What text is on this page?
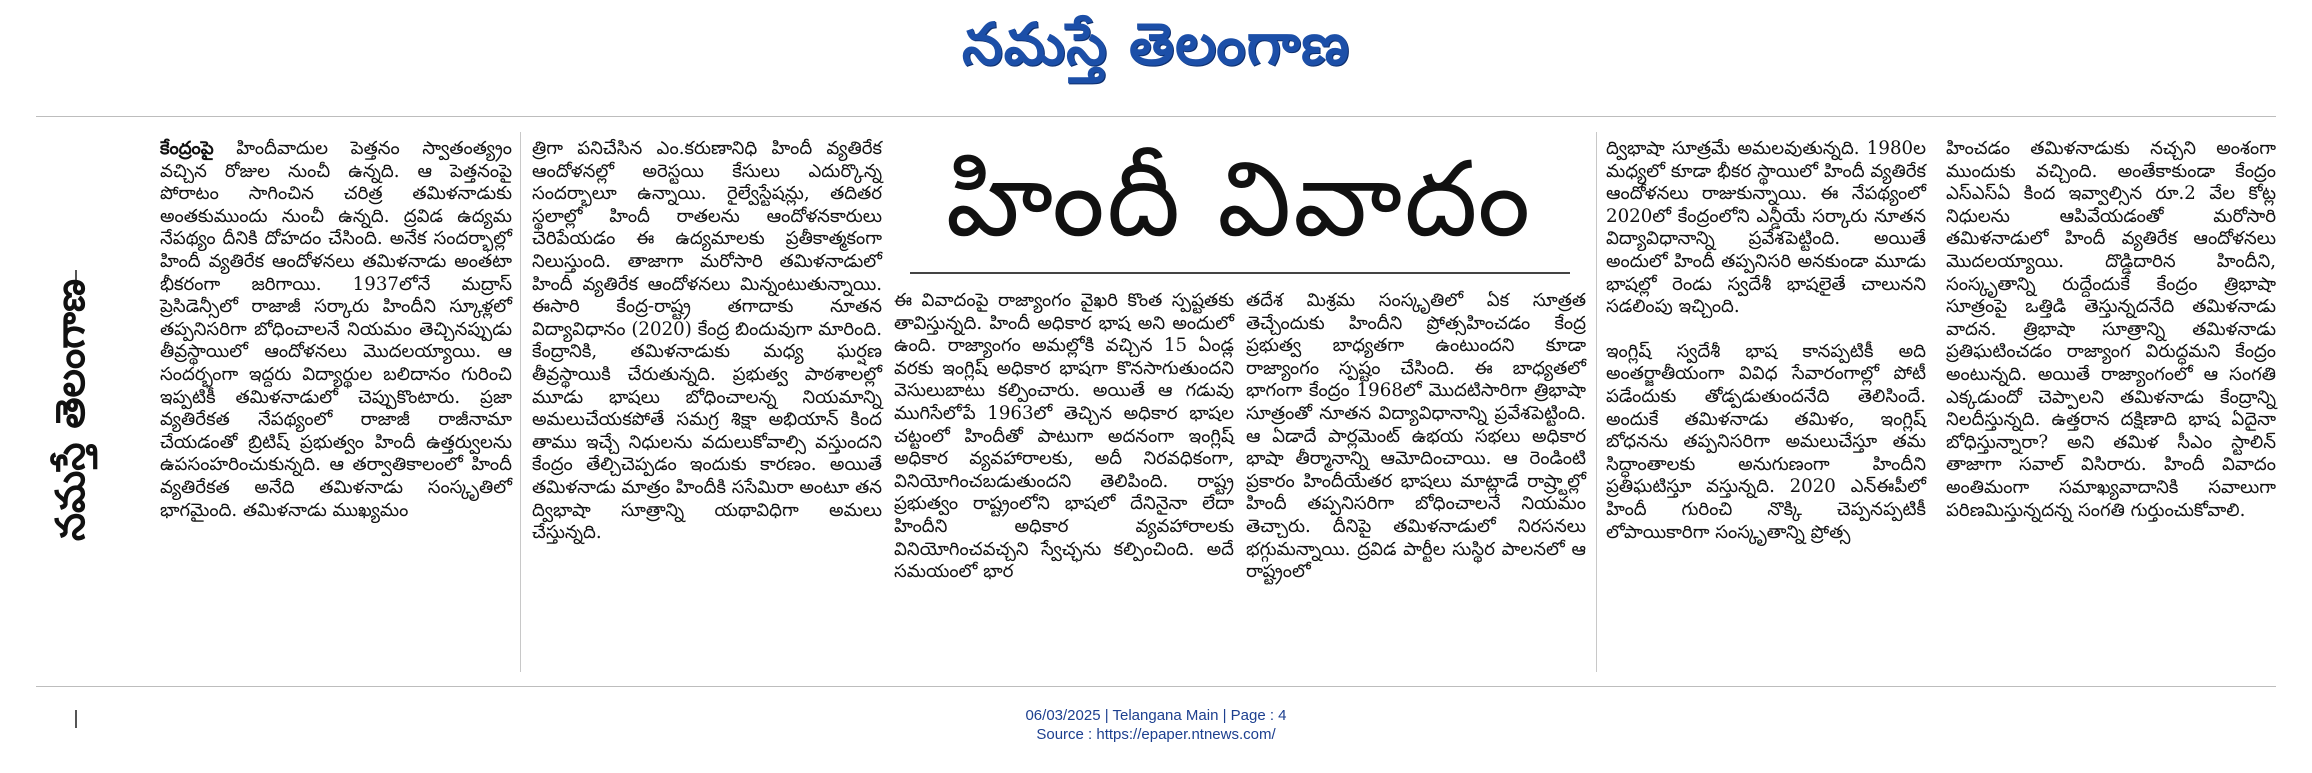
నమస్తే తెలంగాణ
నమస్తే తెలంగాణ

కేంద్రంపై హిందీవాదుల పెత్తనం స్వాతంత్య్రం వచ్చిన రోజుల నుంచీ ఉన్నది. ఆ పెత్తనంపై పోరాటం సాగించిన చరిత్ర తమిళనాడుకు అంతకుముందు నుంచీ ఉన్నది. ద్రవిడ ఉద్యమ నేపథ్యం దీనికి దోహదం చేసింది. అనేక సందర్భాల్లో హిందీ వ్యతిరేక ఆందోళనలు తమిళనాడు అంతటా భీకరంగా జరిగాయి. 1937లోనే మద్రాస్ ప్రెసిడెన్సీలో రాజాజీ సర్కారు హిందీని స్కూళ్లలో తప్పనిసరిగా బోధించాలనే నియమం తెచ్చినప్పుడు తీవ్రస్థాయిలో ఆందోళనలు మొదలయ్యాయి. ఆ సందర్భంగా ఇద్దరు విద్యార్థుల బలిదానం గురించి ఇప్పటికీ తమిళనాడులో చెప్పుకొంటారు. ప్రజా వ్యతిరేకత నేపథ్యంలో రాజాజీ రాజీనామా చేయడంతో బ్రిటిష్ ప్రభుత్వం హిందీ ఉత్తర్వులను ఉపసంహరించుకున్నది. ఆ తర్వాతికాలంలో హిందీ వ్యతిరేకత అనేది తమిళనాడు సంస్కృతిలో భాగమైంది. తమిళనాడు ముఖ్యమం

త్రిగా పనిచేసిన ఎం.కరుణానిధి హిందీ వ్యతిరేక ఆందోళనల్లో అరెస్టయి కేసులు ఎదుర్కొన్న సందర్భాలూ ఉన్నాయి. రైల్వేస్టేషన్లు, తదితర స్థలాల్లో హిందీ రాతలను ఆందోళనకారులు చెరిపేయడం ఈ ఉద్యమాలకు ప్రతీకాత్మకంగా నిలుస్తుంది. తాజాగా మరోసారి తమిళనాడులో హిందీ వ్యతిరేక ఆందోళనలు మిన్నంటుతున్నాయి. ఈసారి కేంద్ర-రాష్ట్ర తగాదాకు నూతన విద్యావిధానం (2020) కేంద్ర బిందువుగా మారింది. కేంద్రానికి, తమిళనాడుకు మధ్య ఘర్షణ తీవ్రస్థాయికి చేరుతున్నది. ప్రభుత్వ పాఠశాలల్లో మూడు భాషలు బోధించాలన్న నియమాన్ని అమలుచేయకపోతే సమగ్ర శిక్షా అభియాన్ కింద తాము ఇచ్చే నిధులను వదులుకోవాల్సి వస్తుందని కేంద్రం తేల్చిచెప్పడం ఇందుకు కారణం. అయితే తమిళనాడు మాత్రం హిందీకి ససేమిరా అంటూ తన ద్విభాషా సూత్రాన్ని యథావిధిగా అమలు చేస్తున్నది.

హిందీ వివాదం

ఈ వివాదంపై రాజ్యాంగం వైఖరి కొంత స్పష్టతకు తావిస్తున్నది. హిందీ అధికార భాష అని అందులో ఉంది. రాజ్యాంగం అమల్లోకి వచ్చిన 15 ఏండ్ల వరకు ఇంగ్లిష్ అధికార భాషగా కొనసాగుతుందని వెసులుబాటు కల్పించారు. అయితే ఆ గడువు ముగిసేలోపే 1963లో తెచ్చిన అధికార భాషల చట్టంలో హిందీతో పాటుగా అదనంగా ఇంగ్లిష్ అధికార వ్యవహారాలకు, అదీ నిరవధికంగా, వినియోగించబడుతుందని తెలిపింది. రాష్ట్ర ప్రభుత్వం రాష్ట్రంలోని భాషలో దేనినైనా లేదా హిందీని అధికార వ్యవహారాలకు వినియోగించవచ్చని స్వేచ్ఛను కల్పించింది. అదే సమయంలో భార

తదేశ మిశ్రమ సంస్కృతిలో ఏక సూత్రత తెచ్చేందుకు హిందీని ప్రోత్సహించడం కేంద్ర ప్రభుత్వ బాధ్యతగా ఉంటుందని కూడా రాజ్యాంగం స్పష్టం చేసింది. ఈ బాధ్యతలో భాగంగా కేంద్రం 1968లో మొదటిసారిగా త్రిభాషా సూత్రంతో నూతన విద్యావిధానాన్ని ప్రవేశపెట్టింది. ఆ ఏడాదే పార్లమెంట్ ఉభయ సభలు అధికార భాషా తీర్మానాన్ని ఆమోదించాయి. ఆ రెండింటి ప్రకారం హిందీయేతర భాషలు మాట్లాడే రాష్ర్టాల్లో హిందీ తప్పనిసరిగా బోధించాలనే నియమం తెచ్చారు. దీనిపై తమిళనాడులో నిరసనలు భగ్గుమన్నాయి. ద్రవిడ పార్టీల సుస్థిర పాలనలో ఆ రాష్ట్రంలో

ద్విభాషా సూత్రమే అమలవుతున్నది. 1980ల మధ్యలో కూడా భీకర స్థాయిలో హిందీ వ్యతిరేక ఆందోళనలు రాజుకున్నాయి. ఈ నేపథ్యంలో 2020లో కేంద్రంలోని ఎన్డీయే సర్కారు నూతన విద్యావిధానాన్ని ప్రవేశపెట్టింది. అయితే అందులో హిందీ తప్పనిసరి అనకుండా మూడు భాషల్లో రెండు స్వదేశీ భాషలైతే చాలునని సడలింపు ఇచ్చింది.

ఇంగ్లిష్ స్వదేశీ భాష కానప్పటికీ అది అంతర్జాతీయంగా వివిధ సేవారంగాల్లో పోటీ పడేందుకు తోడ్పడుతుందనేది తెలిసిందే. అందుకే తమిళనాడు తమిళం, ఇంగ్లిష్ బోధనను తప్పనిసరిగా అమలుచేస్తూ తమ సిద్ధాంతాలకు అనుగుణంగా హిందీని ప్రతిఘటిస్తూ వస్తున్నది. 2020 ఎన్ఈపీలో హిందీ గురించి నొక్కి చెప్పనప్పటికీ లోపాయికారిగా సంస్కృతాన్ని ప్రోత్స

హించడం తమిళనాడుకు నచ్చని అంశంగా ముందుకు వచ్చింది. అంతేకాకుండా కేంద్రం ఎస్ఎస్ఏ కింద ఇవ్వాల్సిన రూ.2 వేల కోట్ల నిధులను ఆపివేయడంతో మరోసారి తమిళనాడులో హిందీ వ్యతిరేక ఆందోళనలు మొదలయ్యాయి. దొడ్డిదారిన హిందీని, సంస్కృతాన్ని రుద్దేందుకే కేంద్రం త్రిభాషా సూత్రంపై ఒత్తిడి తెస్తున్నదనేది తమిళనాడు వాదన. త్రిభాషా సూత్రాన్ని తమిళనాడు ప్రతిఘటించడం రాజ్యాంగ విరుద్ధమని కేంద్రం అంటున్నది. అయితే రాజ్యాంగంలో ఆ సంగతి ఎక్కడుందో చెప్పాలని తమిళనాడు కేంద్రాన్ని నిలదీస్తున్నది. ఉత్తరాన దక్షిణాది భాష ఏదైనా బోధిస్తున్నారా? అని తమిళ సీఎం స్టాలిన్ తాజాగా సవాల్ విసిరారు. హిందీ వివాదం అంతిమంగా సమాఖ్యవాదానికి సవాలుగా పరిణమిస్తున్నదన్న సంగతి గుర్తుంచుకోవాలి.

06/03/2025 | Telangana Main | Page : 4
Source : https://epaper.ntnews.com/
